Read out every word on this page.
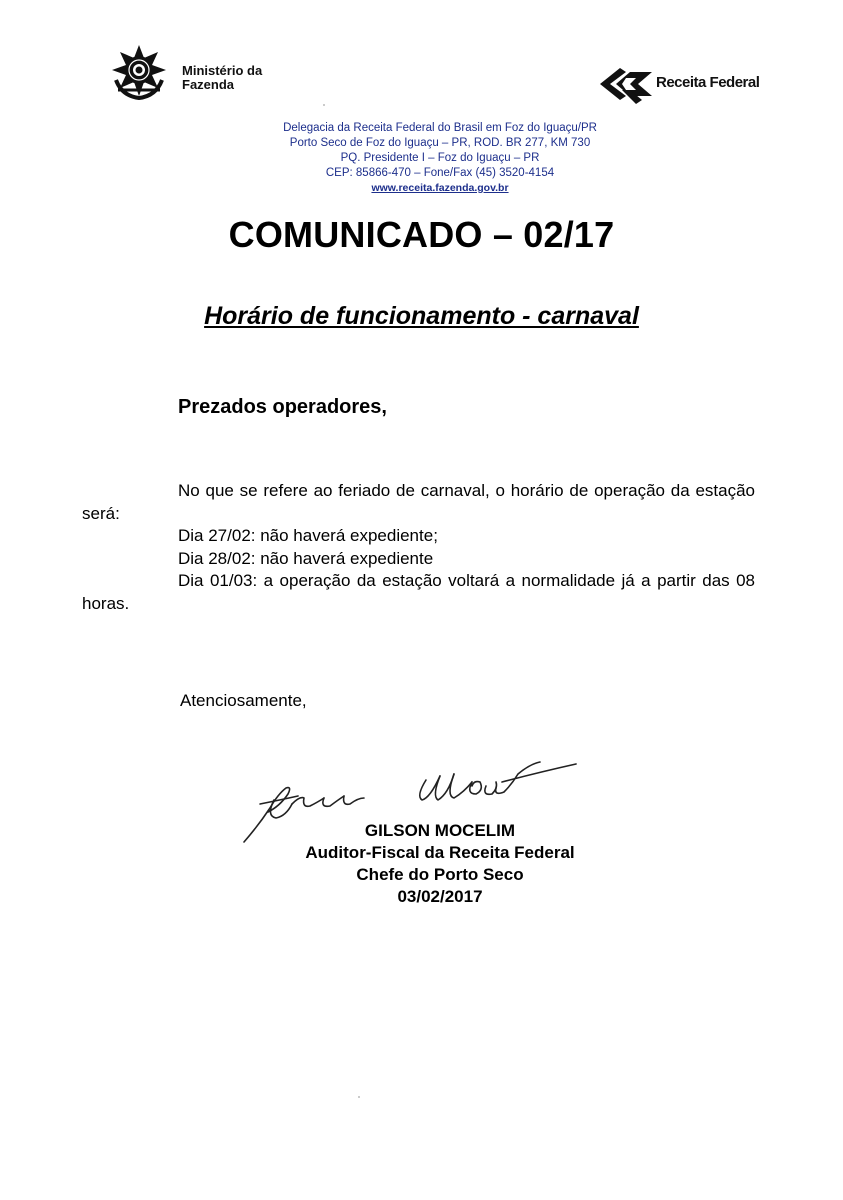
Ministério da
Fazenda	Receita Federal
Delegacia da Receita Federal do Brasil em Foz do Iguaçu/PR
Porto Seco de Foz do Iguaçu – PR, ROD. BR 277, KM 730
PQ. Presidente I – Foz do Iguaçu – PR
CEP: 85866-470 – Fone/Fax (45) 3520-4154
www.receita.fazenda.gov.br
COMUNICADO – 02/17
Horário de funcionamento - carnaval
Prezados operadores,

No que se refere ao feriado de carnaval, o horário de operação da estação será:

Dia 27/02: não haverá expediente;

Dia 28/02: não haverá expediente

Dia 01/03: a operação da estação voltará a normalidade já a partir das 08 horas.

Atenciosamente,
GILSON MOCELIM
Auditor-Fiscal da Receita Federal
Chefe do Porto Seco
03/02/2017
